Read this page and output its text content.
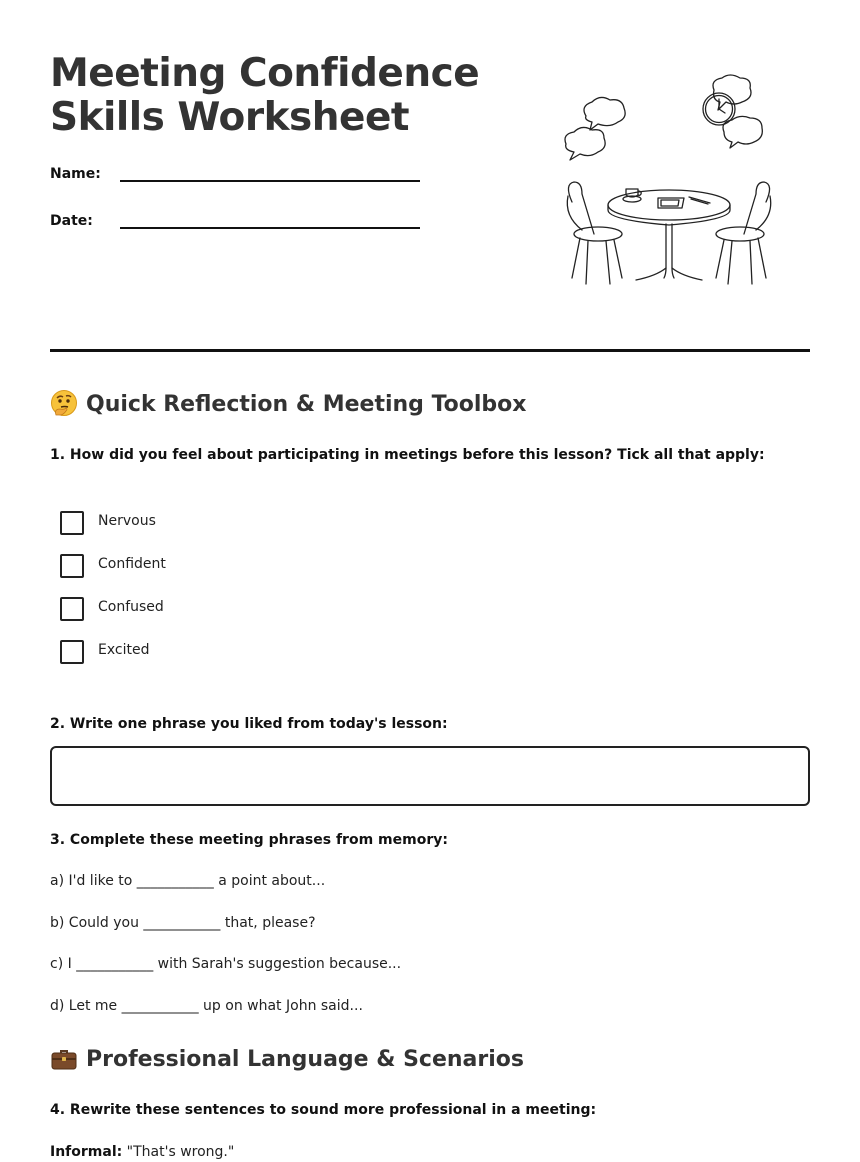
Meeting Confidence
Skills Worksheet
Name:
Date:
Quick Reflection & Meeting Toolbox
1. How did you feel about participating in meetings before this lesson? Tick all that apply:
Nervous
Confident
Confused
Excited
2. Write one phrase you liked from today's lesson:
3. Complete these meeting phrases from memory:
a) I'd like to ___________ a point about...
b) Could you ___________ that, please?
c) I ___________ with Sarah's suggestion because...
d) Let me ___________ up on what John said...
Professional Language & Scenarios
4. Rewrite these sentences to sound more professional in a meeting:
Informal: "That's wrong."
